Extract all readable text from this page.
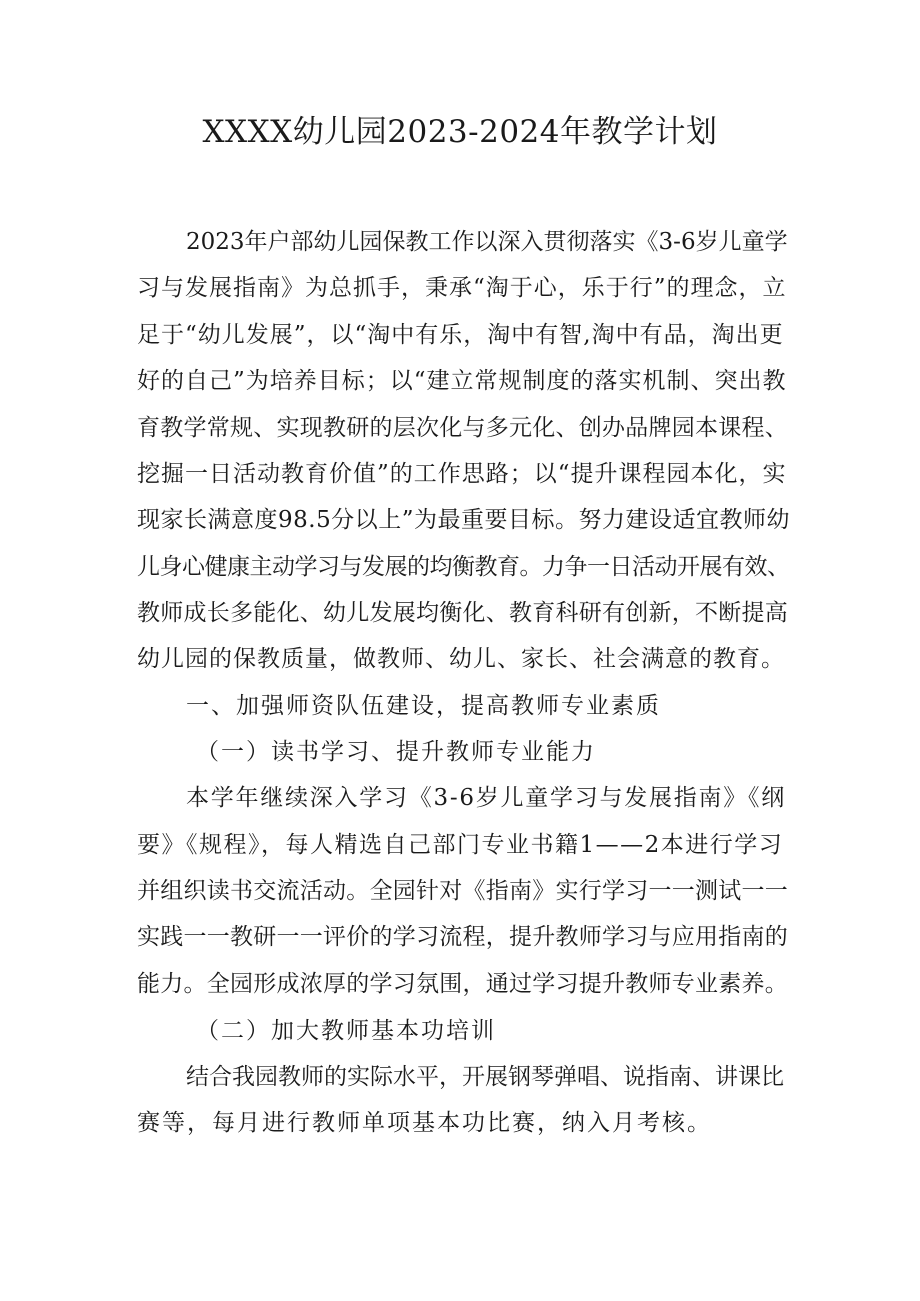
XXXX幼儿园2023-2024年教学计划

2023年户部幼儿园保教工作以深入贯彻落实《3-6岁儿童学

习与发展指南》为总抓手，秉承“淘于心，乐于行”的理念，立

足于“幼儿发展”，以“淘中有乐，淘中有智,淘中有品，淘出更

好的自己”为培养目标；以“建立常规制度的落实机制、突出教

育教学常规、实现教研的层次化与多元化、创办品牌园本课程、

挖掘一日活动教育价值”的工作思路；以“提升课程园本化，实

现家长满意度98.5分以上”为最重要目标。努力建设适宜教师幼

儿身心健康主动学习与发展的均衡教育。力争一日活动开展有效、

教师成长多能化、幼儿发展均衡化、教育科研有创新，不断提高

幼儿园的保教质量，做教师、幼儿、家长、社会满意的教育。

一、加强师资队伍建设，提高教师专业素质

（一）读书学习、提升教师专业能力

本学年继续深入学习《3-6岁儿童学习与发展指南》《纲

要》《规程》，每人精选自己部门专业书籍1——2本进行学习

并组织读书交流活动。全园针对《指南》实行学习一一测试一一

实践一一教研一一评价的学习流程，提升教师学习与应用指南的

能力。全园形成浓厚的学习氛围，通过学习提升教师专业素养。

（二）加大教师基本功培训

结合我园教师的实际水平，开展钢琴弹唱、说指南、讲课比

赛等，每月进行教师单项基本功比赛，纳入月考核。
